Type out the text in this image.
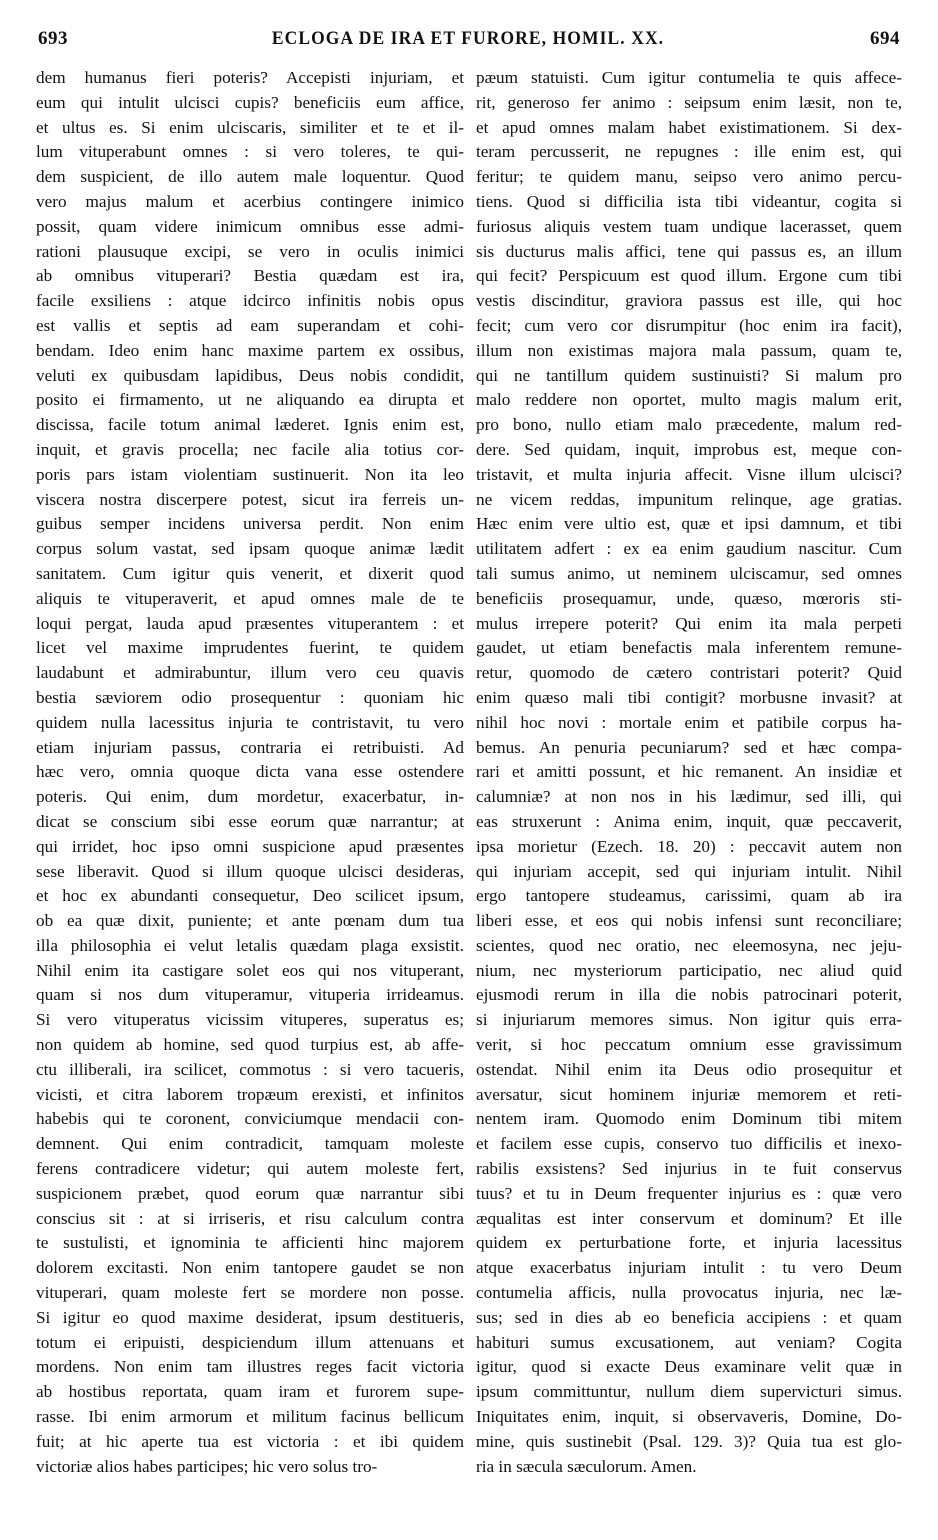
693	ECLOGA DE IRA ET FURORE, HOMIL. XX.	694
dem humanus fieri poteris? Accepisti injuriam, et
eum qui intulit ulcisci cupis? beneficiis eum affice,
et ultus es. Si enim ulciscaris, similiter et te et il-
lum vituperabunt omnes : si vero toleres, te qui-
dem suspicient, de illo autem male loquentur. Quod
vero majus malum et acerbius contingere inimico
possit, quam videre inimicum omnibus esse admi-
rationi plausuque excipi, se vero in oculis inimici
ab omnibus vituperari? Bestia quædam est ira,
facile exsiliens : atque idcirco infinitis nobis opus
est vallis et septis ad eam superandam et cohi-
bendam. Ideo enim hanc maxime partem ex ossibus,
veluti ex quibusdam lapidibus, Deus nobis condidit,
posito ei firmamento, ut ne aliquando ea dirupta et
discissa, facile totum animal læderet. Ignis enim est,
inquit, et gravis procella; nec facile alia totius cor-
poris pars istam violentiam sustinuerit. Non ita leo
viscera nostra discerpere potest, sicut ira ferreis un-
guibus semper incidens universa perdit. Non enim
corpus solum vastat, sed ipsam quoque animæ lædit
sanitatem. Cum igitur quis venerit, et dixerit quod
aliquis te vituperaverit, et apud omnes male de te
loqui pergat, lauda apud præsentes vituperantem : et
licet vel maxime imprudentes fuerint, te quidem
laudabunt et admirabuntur, illum vero ceu quavis
bestia sæviorem odio prosequentur : quoniam hic
quidem nulla lacessitus injuria te contristavit, tu vero
etiam injuriam passus, contraria ei retribuisti. Ad
hæc vero, omnia quoque dicta vana esse ostendere
poteris. Qui enim, dum mordetur, exacerbatur, in-
dicat se conscium sibi esse eorum quæ narrantur; at
qui irridet, hoc ipso omni suspicione apud præsentes
sese liberavit. Quod si illum quoque ulcisci desideras,
et hoc ex abundanti consequetur, Deo scilicet ipsum,
ob ea quæ dixit, puniente; et ante pœnam dum tua
illa philosophia ei velut letalis quædam plaga exsistit.
Nihil enim ita castigare solet eos qui nos vituperant,
quam si nos dum vituperamur, vituperia irrideamus.
Si vero vituperatus vicissim vituperes, superatus es;
non quidem ab homine, sed quod turpius est, ab affe-
ctu illiberali, ira scilicet, commotus : si vero tacueris,
vicisti, et citra laborem tropæum erexisti, et infinitos
habebis qui te coronent, conviciumque mendacii con-
demnent. Qui enim contradicit, tamquam moleste
ferens contradicere videtur; qui autem moleste fert,
suspicionem præbet, quod eorum quæ narrantur sibi
conscius sit : at si irriseris, et risu calculum contra
te sustulisti, et ignominia te afficienti hinc majorem
dolorem excitasti. Non enim tantopere gaudet se non
vituperari, quam moleste fert se mordere non posse.
Si igitur eo quod maxime desiderat, ipsum destitueris,
totum ei eripuisti, despiciendum illum attenuans et
mordens. Non enim tam illustres reges facit victoria
ab hostibus reportata, quam iram et furorem supe-
rasse. Ibi enim armorum et militum facinus bellicum
fuit; at hic aperte tua est victoria : et ibi quidem
victoriæ alios habes participes; hic vero solus tro-
pæum statuisti. Cum igitur contumelia te quis affece-
rit, generoso fer animo : seipsum enim læsit, non te,
et apud omnes malam habet existimationem. Si dex-
teram percusserit, ne repugnes : ille enim est, qui
feritur; te quidem manu, seipso vero animo percu-
tiens. Quod si difficilia ista tibi videantur, cogita si
furiosus aliquis vestem tuam undique lacerasset, quem
sis ducturus malis affici, tene qui passus es, an illum
qui fecit? Perspicuum est quod illum. Ergone cum tibi
vestis discinditur, graviora passus est ille, qui hoc
fecit; cum vero cor disrumpitur (hoc enim ira facit),
illum non existimas majora mala passum, quam te,
qui ne tantillum quidem sustinuisti? Si malum pro
malo reddere non oportet, multo magis malum erit,
pro bono, nullo etiam malo præcedente, malum red-
dere. Sed quidam, inquit, improbus est, meque con-
tristavit, et multa injuria affecit. Visne illum ulcisci?
ne vicem reddas, impunitum relinque, age gratias.
Hæc enim vere ultio est, quæ et ipsi damnum, et tibi
utilitatem adfert : ex ea enim gaudium nascitur. Cum
tali sumus animo, ut neminem ulciscamur, sed omnes
beneficiis prosequamur, unde, quæso, mœroris sti-
mulus irrepere poterit? Qui enim ita mala perpeti
gaudet, ut etiam benefactis mala inferentem remune-
retur, quomodo de cætero contristari poterit? Quid
enim quæso mali tibi contigit? morbusne invasit? at
nihil hoc novi : mortale enim et patibile corpus ha-
bemus. An penuria pecuniarum? sed et hæc compa-
rari et amitti possunt, et hic remanent. An insidiæ et
calumniæ? at non nos in his lædimur, sed illi, qui
eas struxerunt : Anima enim, inquit, quæ peccaverit,
ipsa morietur (Ezech. 18. 20) : peccavit autem non
qui injuriam accepit, sed qui injuriam intulit. Nihil
ergo tantopere studeamus, carissimi, quam ab ira
liberi esse, et eos qui nobis infensi sunt reconciliare;
scientes, quod nec oratio, nec eleemosyna, nec jeju-
nium, nec mysteriorum participatio, nec aliud quid
ejusmodi rerum in illa die nobis patrocinari poterit,
si injuriarum memores simus. Non igitur quis erra-
verit, si hoc peccatum omnium esse gravissimum
ostendat. Nihil enim ita Deus odio prosequitur et
aversatur, sicut hominem injuriæ memorem et reti-
nentem iram. Quomodo enim Dominum tibi mitem
et facilem esse cupis, conservo tuo difficilis et inexo-
rabilis exsistens? Sed injurius in te fuit conservus
tuus? et tu in Deum frequenter injurius es : quæ vero
æqualitas est inter conservum et dominum? Et ille
quidem ex perturbatione forte, et injuria lacessitus
atque exacerbatus injuriam intulit : tu vero Deum
contumelia afficis, nulla provocatus injuria, nec læ-
sus; sed in dies ab eo beneficia accipiens : et quam
habituri sumus excusationem, aut veniam? Cogita
igitur, quod si exacte Deus examinare velit quæ in
ipsum committuntur, nullum diem supervicturi simus.
Iniquitates enim, inquit, si observaveris, Domine, Do-
mine, quis sustinebit (Psal. 129. 3)? Quia tua est glo-
ria in sæcula sæculorum. Amen.
